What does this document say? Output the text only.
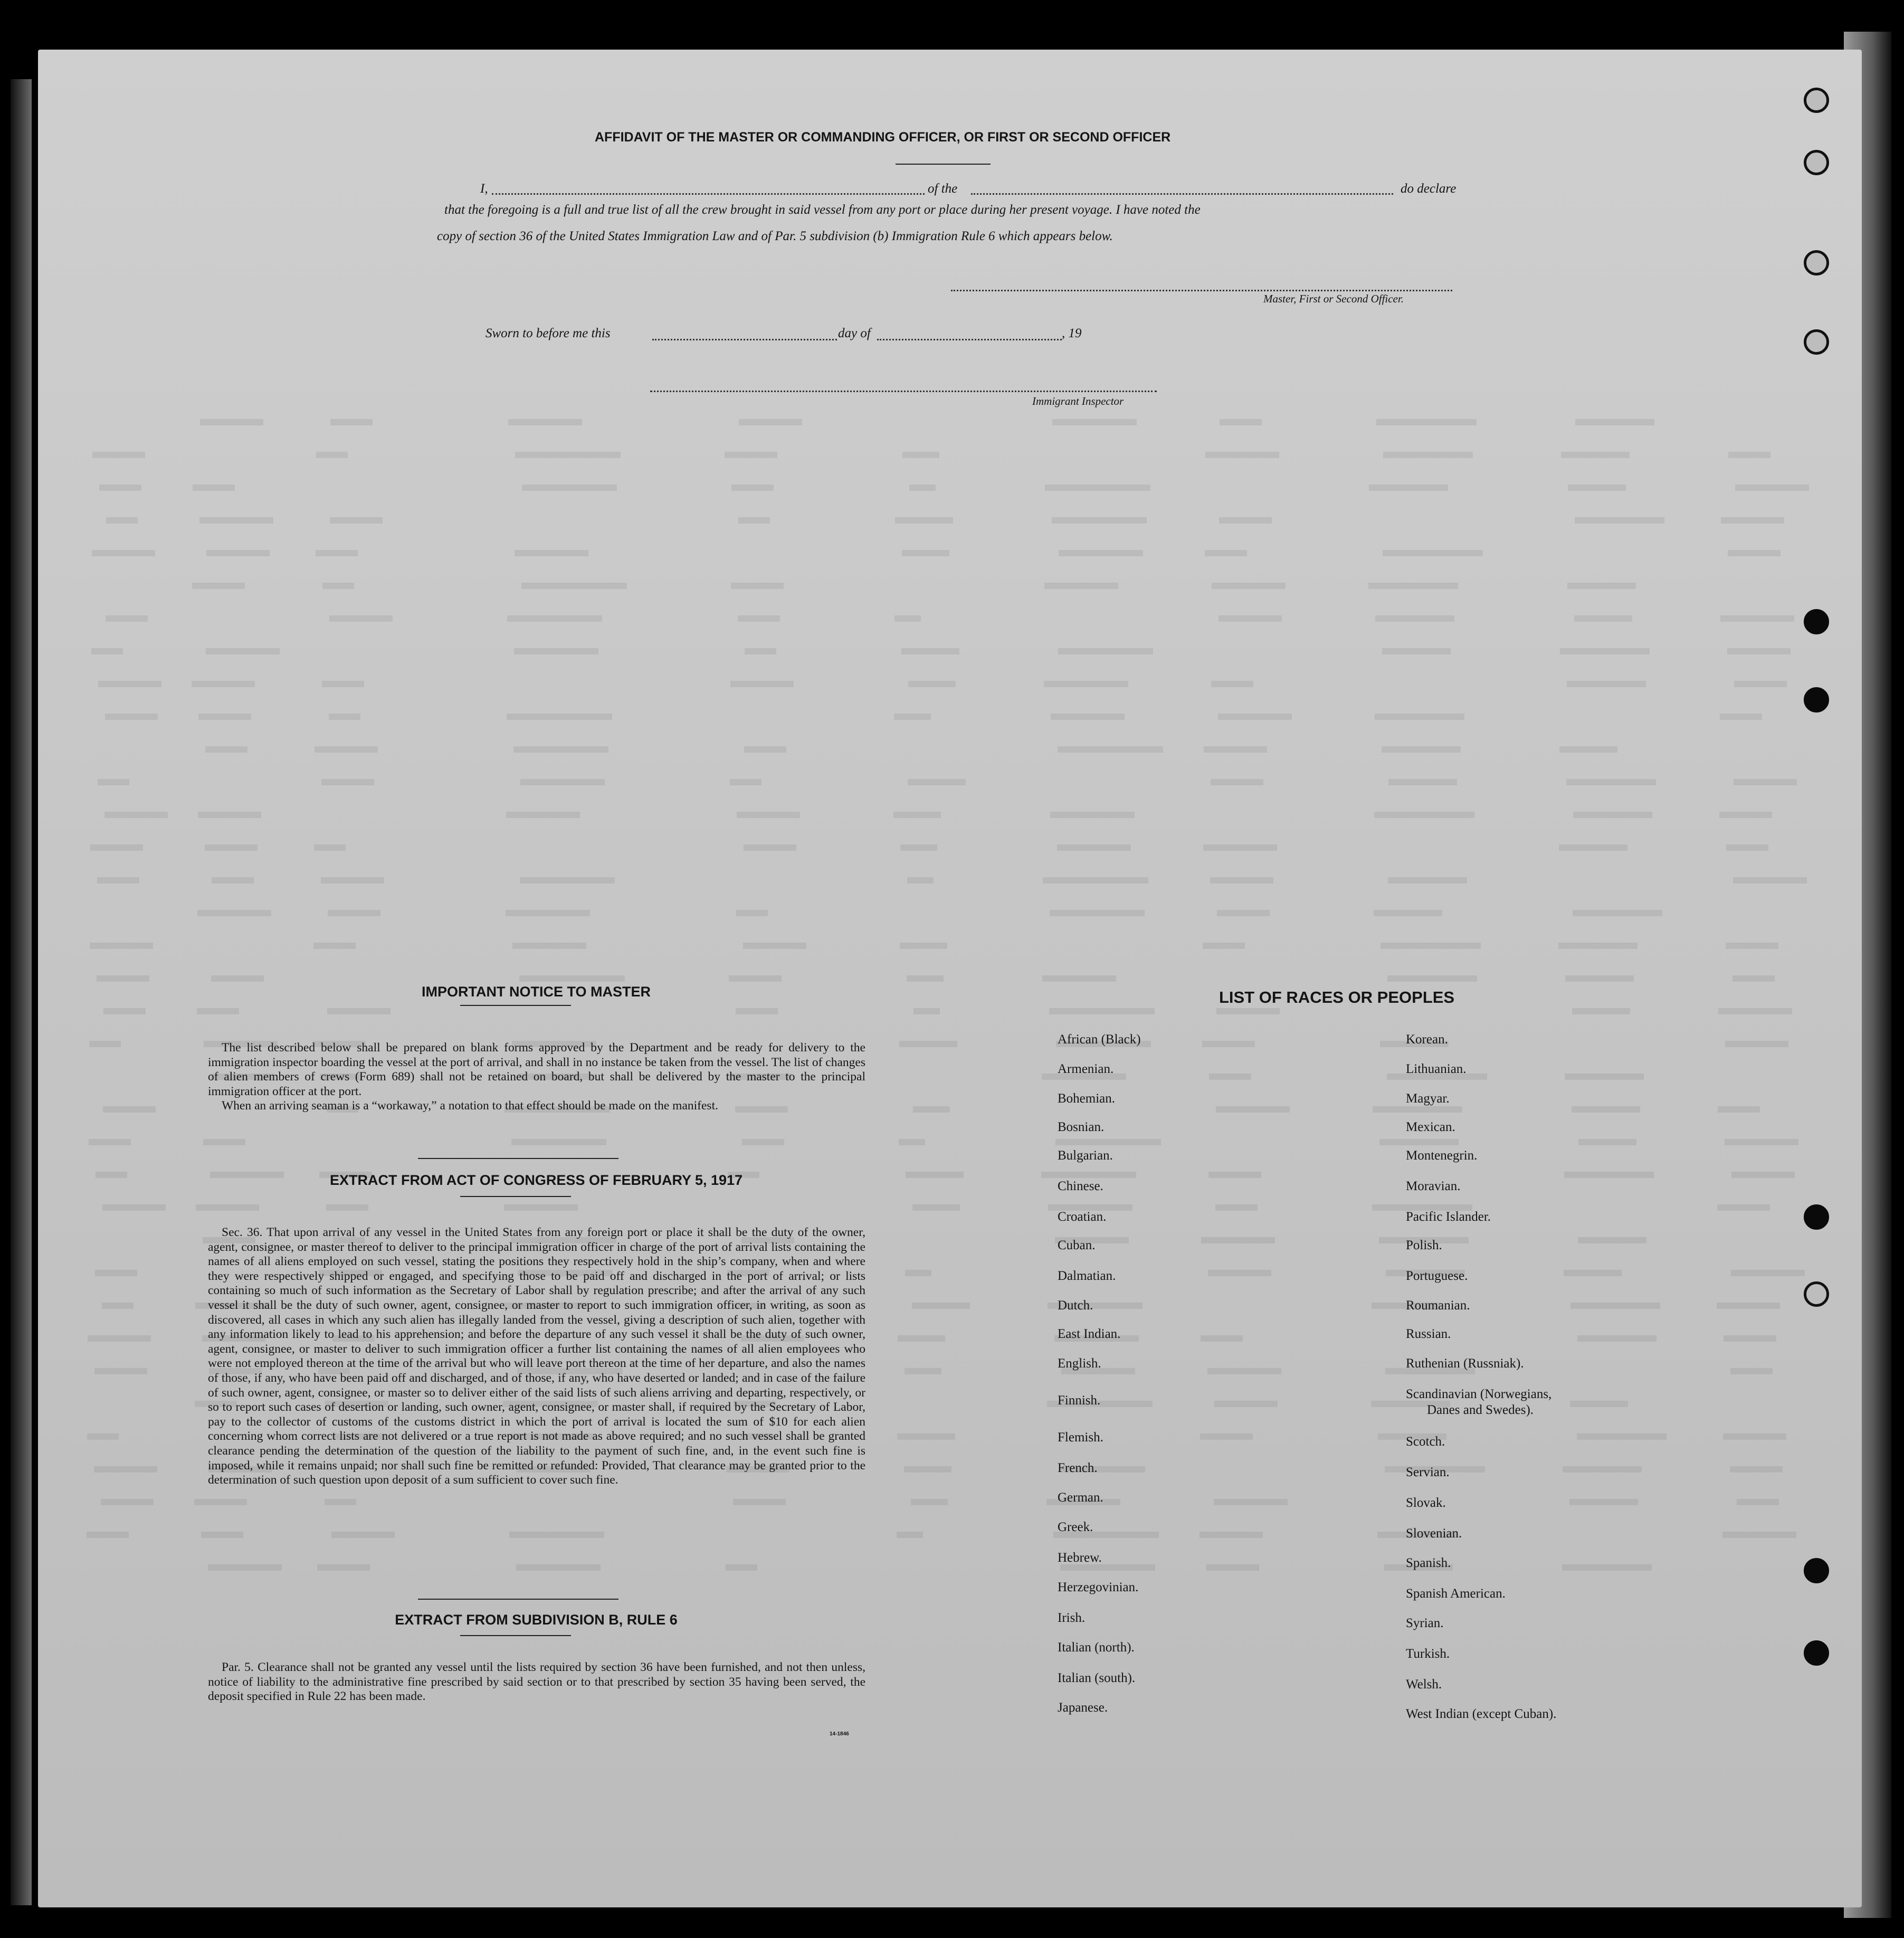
AFFIDAVIT OF THE MASTER OR COMMANDING OFFICER, OR FIRST OR SECOND OFFICER
I,	of the	do declare
that the foregoing is a full and true list of all the crew brought in said vessel from any port or place during her present voyage. I have noted the
copy of section 36 of the United States Immigration Law and of Par. 5 subdivision (b) Immigration Rule 6 which appears below.
Master, First or Second Officer.
Sworn to before me this	day of	, 19
Immigrant Inspector
IMPORTANT NOTICE TO MASTER

The list described below shall be prepared on blank forms approved by the Department and be ready for delivery to the immigration inspector boarding the vessel at the port of arrival, and shall in no instance be taken from the vessel. The list of changes of alien members of crews (Form 689) shall not be retained on board, but shall be delivered by the master to the principal immigration officer at the port.

When an arriving seaman is a “workaway,” a notation to that effect should be made on the manifest.

EXTRACT FROM ACT OF CONGRESS OF FEBRUARY 5, 1917

Sec. 36. That upon arrival of any vessel in the United States from any foreign port or place it shall be the duty of the owner, agent, consignee, or master thereof to deliver to the principal immigration officer in charge of the port of arrival lists containing the names of all aliens employed on such vessel, stating the positions they respectively hold in the ship’s company, when and where they were respectively shipped or engaged, and specifying those to be paid off and discharged in the port of arrival; or lists containing so much of such information as the Secretary of Labor shall by regulation prescribe; and after the arrival of any such vessel it shall be the duty of such owner, agent, consignee, or master to report to such immigration officer, in writing, as soon as discovered, all cases in which any such alien has illegally landed from the vessel, giving a description of such alien, together with any information likely to lead to his apprehension; and before the departure of any such vessel it shall be the duty of such owner, agent, consignee, or master to deliver to such immigration officer a further list containing the names of all alien employees who were not employed thereon at the time of the arrival but who will leave port thereon at the time of her departure, and also the names of those, if any, who have been paid off and discharged, and of those, if any, who have deserted or landed; and in case of the failure of such owner, agent, consignee, or master so to deliver either of the said lists of such aliens arriving and departing, respectively, or so to report such cases of desertion or landing, such owner, agent, consignee, or master shall, if required by the Secretary of Labor, pay to the collector of customs of the customs district in which the port of arrival is located the sum of $10 for each alien concerning whom correct lists are not delivered or a true report is not made as above required; and no such vessel shall be granted clearance pending the determination of the question of the liability to the payment of such fine, and, in the event such fine is imposed, while it remains unpaid; nor shall such fine be remitted or refunded: Provided, That clearance may be granted prior to the determination of such question upon deposit of a sum sufficient to cover such fine.

EXTRACT FROM SUBDIVISION B, RULE 6

Par. 5. Clearance shall not be granted any vessel until the lists required by section 36 have been furnished, and not then unless, notice of liability to the administrative fine prescribed by said section or to that prescribed by section 35 having been served, the deposit specified in Rule 22 has been made.

14-1846
LIST OF RACES OR PEOPLES
African (Black)
Armenian.
Bohemian.
Bosnian.
Bulgarian.
Chinese.
Croatian.
Cuban.
Dalmatian.
Dutch.
East Indian.
English.
Finnish.
Flemish.
French.
German.
Greek.
Hebrew.
Herzegovinian.
Irish.
Italian (north).
Italian (south).
Japanese.
Korean.
Lithuanian.
Magyar.
Mexican.
Montenegrin.
Moravian.
Pacific Islander.
Polish.
Portuguese.
Roumanian.
Russian.
Ruthenian (Russniak).
Scandinavian (Norwegians,
Danes and Swedes).
Scotch.
Servian.
Slovak.
Slovenian.
Spanish.
Spanish American.
Syrian.
Turkish.
Welsh.
West Indian (except Cuban).
